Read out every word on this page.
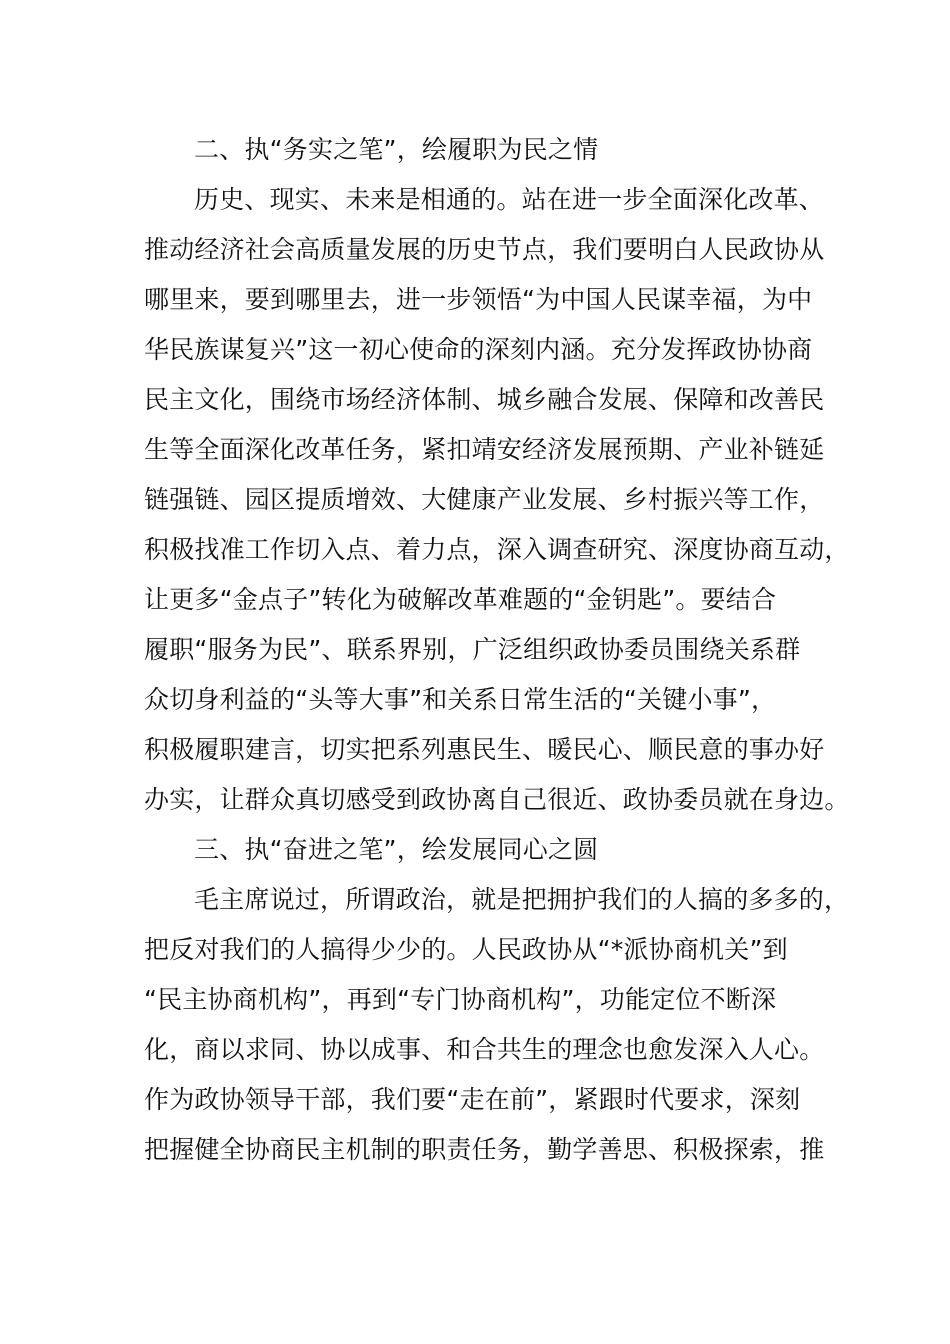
二、执“务实之笔”，绘履职为民之情
历史、现实、未来是相通的。站在进一步全面深化改革、
推动经济社会高质量发展的历史节点，我们要明白人民政协从
哪里来，要到哪里去，进一步领悟“为中国人民谋幸福，为中
华民族谋复兴”这一初心使命的深刻内涵。充分发挥政协协商
民主文化，围绕市场经济体制、城乡融合发展、保障和改善民
生等全面深化改革任务，紧扣靖安经济发展预期、产业补链延
链强链、园区提质增效、大健康产业发展、乡村振兴等工作，
积极找准工作切入点、着力点，深入调查研究、深度协商互动，
让更多“金点子”转化为破解改革难题的“金钥匙”。要结合
履职“服务为民”、联系界别，广泛组织政协委员围绕关系群
众切身利益的“头等大事”和关系日常生活的“关键小事”，
积极履职建言，切实把系列惠民生、暖民心、顺民意的事办好
办实，让群众真切感受到政协离自己很近、政协委员就在身边。
三、执“奋进之笔”，绘发展同心之圆
毛主席说过，所谓政治，就是把拥护我们的人搞的多多的，
把反对我们的人搞得少少的。人民政协从“*派协商机关”到
“民主协商机构”，再到“专门协商机构”，功能定位不断深
化，商以求同、协以成事、和合共生的理念也愈发深入人心。
作为政协领导干部，我们要“走在前”，紧跟时代要求，深刻
把握健全协商民主机制的职责任务，勤学善思、积极探索，推
